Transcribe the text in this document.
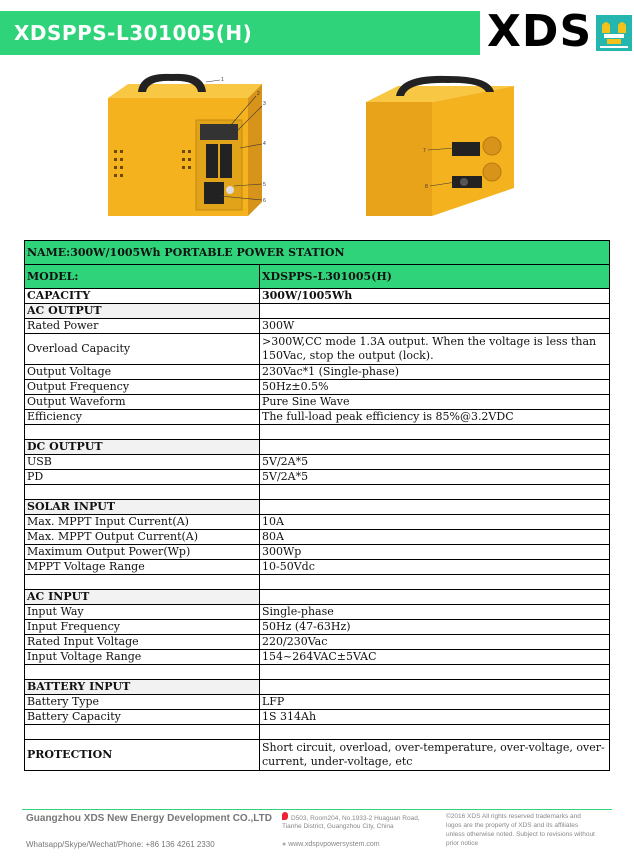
XDSPPS-L301005(H)	XDS
1
2
3
4
5
6
7
8
NAME:300W/1005Wh PORTABLE POWER STATION	
MODEL:	XDSPPS-L301005(H)
CAPACITY	300W/1005Wh
AC OUTPUT	
Rated Power	300W
Overload Capacity	>300W,CC mode 1.3A output. When the voltage is less than 150Vac, stop the output (lock).
Output Voltage	230Vac*1 (Single-phase)
Output Frequency	50Hz±0.5%
Output Waveform	Pure Sine Wave
Efficiency	The full-load peak efficiency is 85%@3.2VDC

DC OUTPUT	
USB	5V/2A*5
PD	5V/2A*5

SOLAR INPUT	
Max. MPPT Input Current(A)	10A
Max. MPPT Output Current(A)	80A
Maximum Output Power(Wp)	300Wp
MPPT Voltage Range	10-50Vdc

AC INPUT	
Input Way	Single-phase
Input Frequency	50Hz (47-63Hz)
Rated Input Voltage	220/230Vac
Input Voltage Range	154~264VAC±5VAC

BATTERY INPUT	
Battery Type	LFP
Battery Capacity	1S 314Ah

PROTECTION	Short circuit, overload, over-temperature, over-voltage, over-current, under-voltage, etc
Guangzhou XDS New Energy Development CO.,LTD	D503, Room204, No.1933-2 Huaguan Road, Tianhe District, Guangzhou City, China
©2016 XDS All rights reserved trademarks and logos are the property of XDS and its affiliates unless otherwise noted. Subject to revisions without prior notice
Whatsapp/Skype/Wechat/Phone: +86 136 4261 2330	● www.xdspvpowersystem.com
